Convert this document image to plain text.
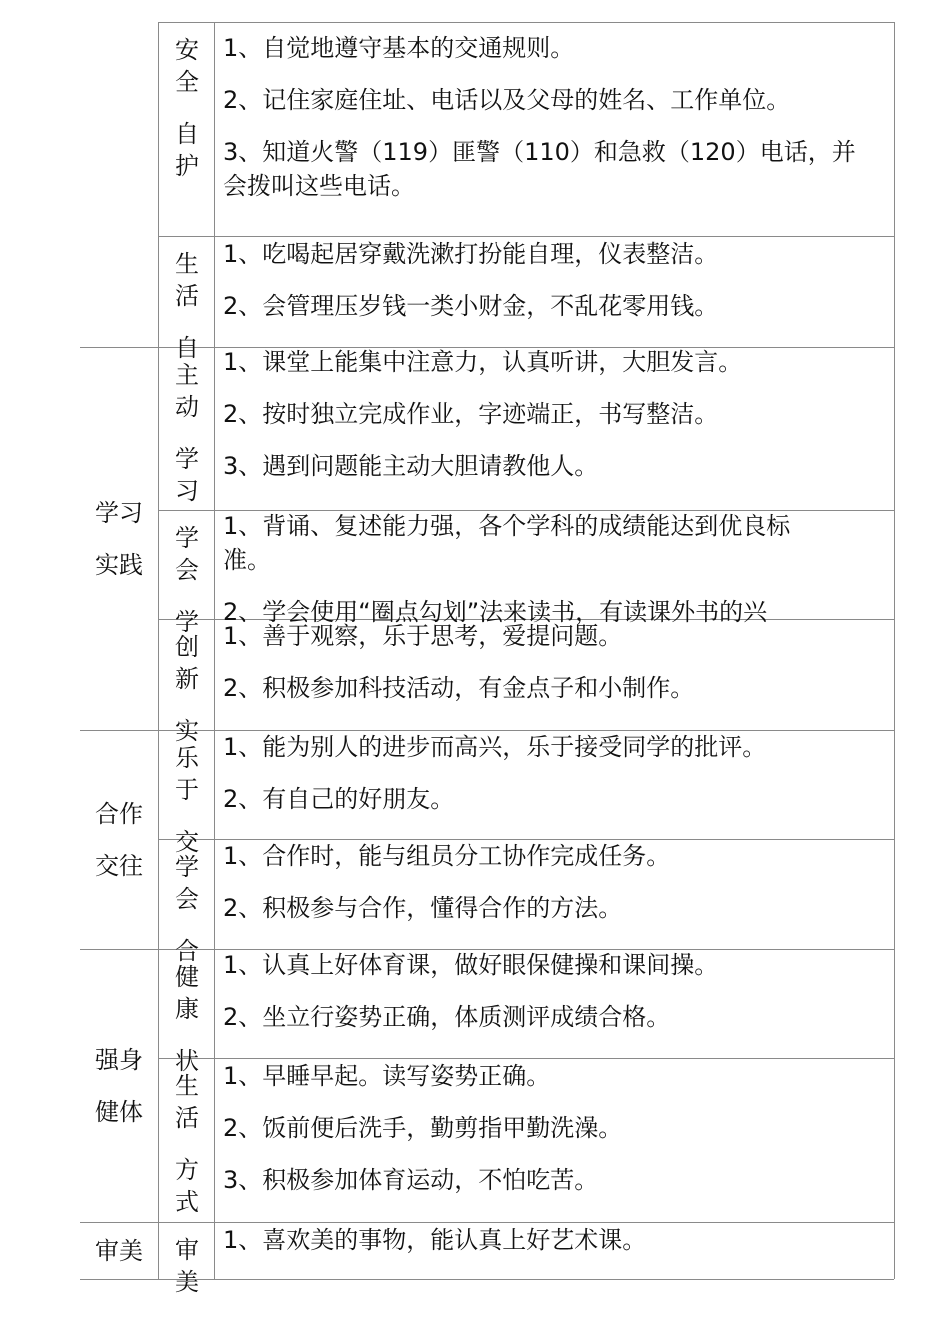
安
全
自
护
1、自觉地遵守基本的交通规则。
2、记住家庭住址、电话以及父母的姓名、工作单位。
3、知道火警（119）匪警（110）和急救（120）电话，并
会拨叫这些电话。
生
活
自
1、吃喝起居穿戴洗漱打扮能自理，仪表整洁。
2、会管理压岁钱一类小财金，不乱花零用钱。
主
动
学
习
1、课堂上能集中注意力，认真听讲，大胆发言。
2、按时独立完成作业，字迹端正，书写整洁。
3、遇到问题能主动大胆请教他人。
学
会
学
1、背诵、复述能力强，各个学科的成绩能达到优良标
准。
2、学会使用“圈点勾划”法来读书，有读课外书的兴
创
新
实
1、善于观察，乐于思考，爱提问题。
2、积极参加科技活动，有金点子和小制作。
乐
于
交
1、能为别人的进步而高兴，乐于接受同学的批评。
2、有自己的好朋友。
学
会
合
1、合作时，能与组员分工协作完成任务。
2、积极参与合作，懂得合作的方法。
健
康
状
1、认真上好体育课，做好眼保健操和课间操。
2、坐立行姿势正确，体质测评成绩合格。
生
活
方
式
1、早睡早起。读写姿势正确。
2、饭前便后洗手，勤剪指甲勤洗澡。
3、积极参加体育运动，不怕吃苦。
审
美
1、喜欢美的事物，能认真上好艺术课。
学习
实践
合作
交往
强身
健体
审美
